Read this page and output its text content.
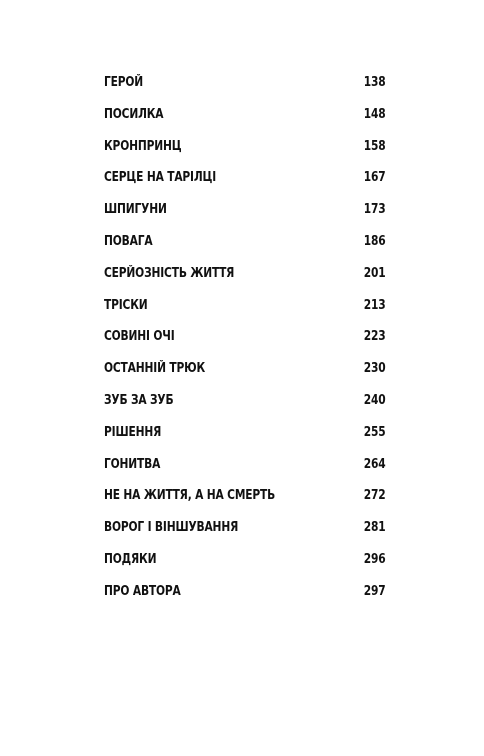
ГЕРОЙ	138
ПОСИЛКА	148
КРОНПРИНЦ	158
СЕРЦЕ НА ТАРІЛЦІ	167
ШПИГУНИ	173
ПОВАГА	186
СЕРЙОЗНІСТЬ ЖИТТЯ	201
ТРІСКИ	213
СОВИНІ ОЧІ	223
ОСТАННІЙ ТРЮК	230
ЗУБ ЗА ЗУБ	240
РІШЕННЯ	255
ГОНИТВА	264
НЕ НА ЖИТТЯ, А НА СМЕРТЬ	272
ВОРОГ І ВІНШУВАННЯ	281
ПОДЯКИ	296
ПРО АВТОРА	297
